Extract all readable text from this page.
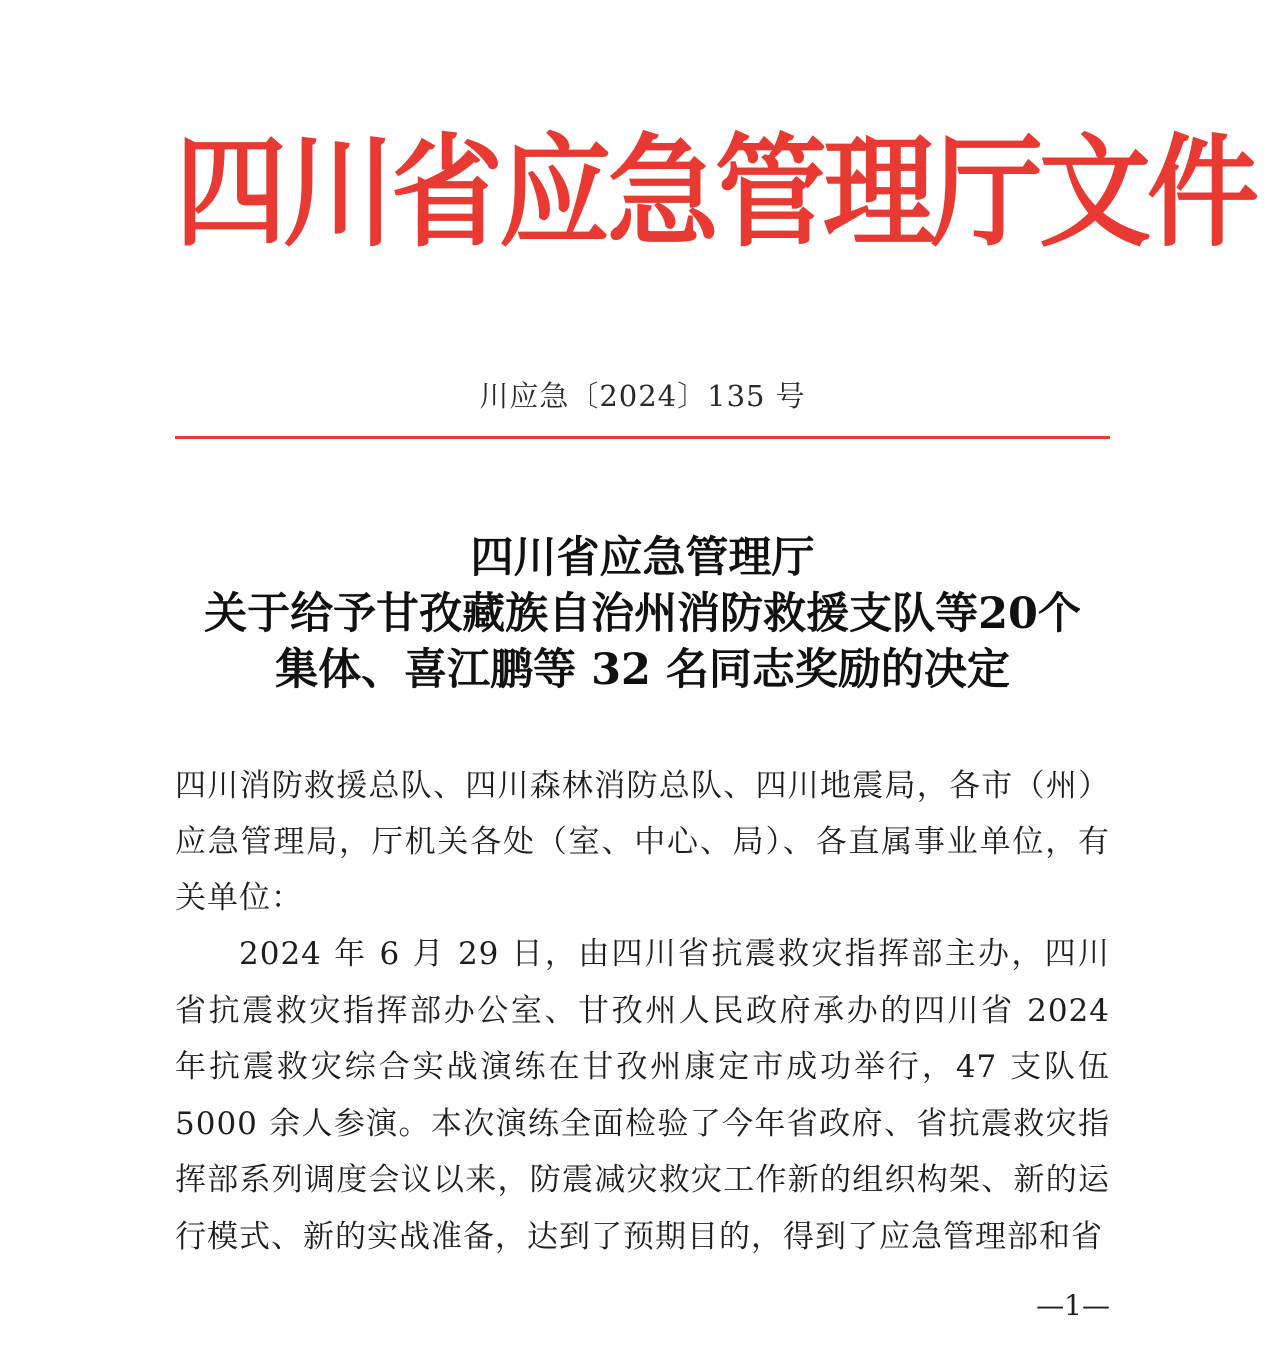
四川省应急管理厅文件
川应急〔2024〕135 号
四川省应急管理厅
关于给予甘孜藏族自治州消防救援支队等20个
集体、喜江鹏等 32 名同志奖励的决定
四川消防救援总队、四川森林消防总队、四川地震局，各市（州）应急管理局，厅机关各处（室、中心、局）、各直属事业单位，有关单位：
2024 年 6 月 29 日，由四川省抗震救灾指挥部主办，四川省抗震救灾指挥部办公室、甘孜州人民政府承办的四川省 2024 年抗震救灾综合实战演练在甘孜州康定市成功举行，47 支队伍 5000 余人参演。本次演练全面检验了今年省政府、省抗震救灾指挥部系列调度会议以来，防震减灾救灾工作新的组织构架、新的运行模式、新的实战准备，达到了预期目的，得到了应急管理部和省
—1—
